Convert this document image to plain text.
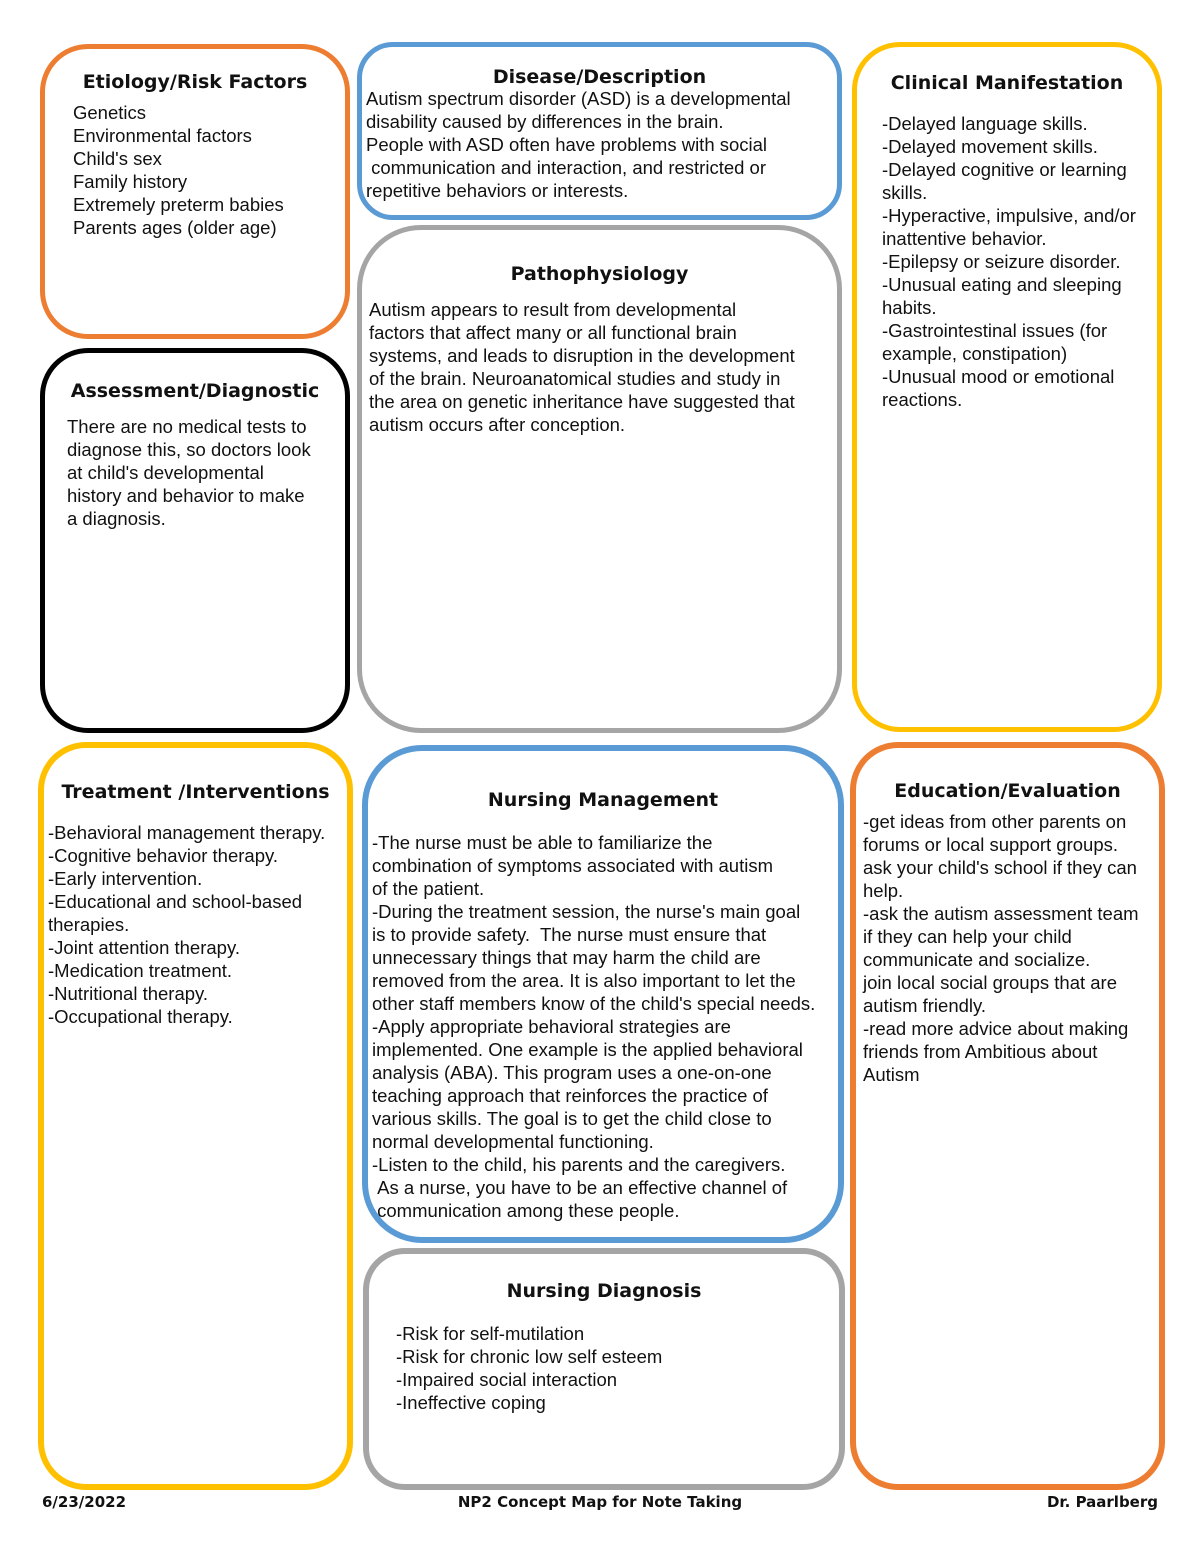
Etiology/Risk Factors
Genetics
Environmental factors
Child's sex
Family history
Extremely preterm babies
Parents ages (older age)
Disease/Description
Autism spectrum disorder (ASD) is a developmental
disability caused by differences in the brain.
People with ASD often have problems with social
communication and interaction, and restricted or
repetitive behaviors or interests.
Clinical Manifestation
-Delayed language skills.
-Delayed movement skills.
-Delayed cognitive or learning
skills.
-Hyperactive, impulsive, and/or
inattentive behavior.
-Epilepsy or seizure disorder.
-Unusual eating and sleeping
habits.
-Gastrointestinal issues (for
example, constipation)
-Unusual mood or emotional
reactions.
Assessment/Diagnostic
There are no medical tests to
diagnose this, so doctors look
at child's developmental
history and behavior to make
a diagnosis.
Pathophysiology
Autism appears to result from developmental
factors that affect many or all functional brain
systems, and leads to disruption in the development
of the brain. Neuroanatomical studies and study in
the area on genetic inheritance have suggested that
autism occurs after conception.
Treatment /Interventions
-Behavioral management therapy.
-Cognitive behavior therapy.
-Early intervention.
-Educational and school-based
therapies.
-Joint attention therapy.
-Medication treatment.
-Nutritional therapy.
-Occupational therapy.
Nursing Management
-The nurse must be able to familiarize the
combination of symptoms associated with autism
of the patient.
-During the treatment session, the nurse's main goal
is to provide safety.  The nurse must ensure that
unnecessary things that may harm the child are
removed from the area. It is also important to let the
other staff members know of the child's special needs.
-Apply appropriate behavioral strategies are
implemented. One example is the applied behavioral
analysis (ABA). This program uses a one-on-one
teaching approach that reinforces the practice of
various skills. The goal is to get the child close to
normal developmental functioning.
-Listen to the child, his parents and the caregivers.
As a nurse, you have to be an effective channel of
communication among these people.
Education/Evaluation
-get ideas from other parents on
forums or local support groups.
ask your child's school if they can
help.
-ask the autism assessment team
if they can help your child
communicate and socialize.
join local social groups that are
autism friendly.
-read more advice about making
friends from Ambitious about
Autism
Nursing Diagnosis
-Risk for self-mutilation
-Risk for chronic low self esteem
-Impaired social interaction
-Ineffective coping
6/23/2022	NP2 Concept Map for Note Taking	Dr. Paarlberg
